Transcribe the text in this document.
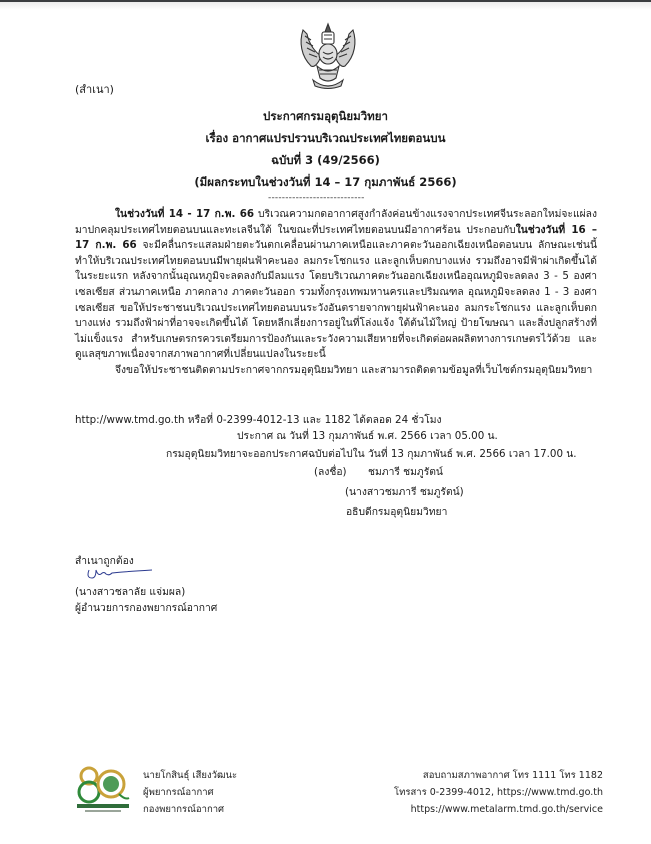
(สำเนา)
ประกาศกรมอุตุนิยมวิทยา
เรื่อง อากาศแปรปรวนบริเวณประเทศไทยตอนบน
ฉบับที่ 3 (49/2566)
(มีผลกระทบในช่วงวันที่ 14 – 17 กุมภาพันธ์ 2566)
----------------------------

ในช่วงวันที่ 14 - 17 ก.พ. 66 บริเวณความกดอากาศสูงกำลังค่อนข้างแรงจากประเทศจีนระลอกใหม่จะแผ่ลงมาปกคลุมประเทศไทยตอนบนและทะเลจีนใต้ ในขณะที่ประเทศไทยตอนบนมีอากาศร้อน ประกอบกับในช่วงวันที่ 16 – 17 ก.พ. 66 จะมีคลื่นกระแสลมฝ่ายตะวันตกเคลื่อนผ่านภาคเหนือและภาคตะวันออกเฉียงเหนือตอนบน ลักษณะเช่นนี้ทำให้บริเวณประเทศไทยตอนบนมีพายุฝนฟ้าคะนอง ลมกระโชกแรง และลูกเห็บตกบางแห่ง รวมถึงอาจมีฟ้าผ่าเกิดขึ้นได้ในระยะแรก หลังจากนั้นอุณหภูมิจะลดลงกับมีลมแรง โดยบริเวณภาคตะวันออกเฉียงเหนืออุณหภูมิจะลดลง 3 - 5 องศาเซลเซียส ส่วนภาคเหนือ ภาคกลาง ภาคตะวันออก รวมทั้งกรุงเทพมหานครและปริมณฑล อุณหภูมิจะลดลง 1 - 3 องศาเซลเซียส ขอให้ประชาชนบริเวณประเทศไทยตอนบนระวังอันตรายจากพายุฝนฟ้าคะนอง ลมกระโชกแรง และลูกเห็บตกบางแห่ง รวมถึงฟ้าผ่าที่อาจจะเกิดขึ้นได้ โดยหลีกเลี่ยงการอยู่ในที่โล่งแจ้ง ใต้ต้นไม้ใหญ่ ป้ายโฆษณา และสิ่งปลูกสร้างที่ไม่แข็งแรง สำหรับเกษตรกรควรเตรียมการป้องกันและระวังความเสียหายที่จะเกิดต่อผลผลิตทางการเกษตรไว้ด้วย และดูแลสุขภาพเนื่องจากสภาพอากาศที่เปลี่ยนแปลงในระยะนี้

จึงขอให้ประชาชนติดตามประกาศจากกรมอุตุนิยมวิทยา และสามารถติดตามข้อมูลที่เว็บไซต์กรมอุตุนิยมวิทยา

http://www.tmd.go.th หรือที่ 0-2399-4012-13 และ 1182 ได้ตลอด 24 ชั่วโมง
ประกาศ ณ วันที่ 13 กุมภาพันธ์ พ.ศ. 2566 เวลา 05.00 น.
กรมอุตุนิยมวิทยาจะออกประกาศฉบับต่อไปใน วันที่ 13 กุมภาพันธ์ พ.ศ. 2566 เวลา 17.00 น.
(ลงชื่อ) ชมภารี ชมภูรัตน์
(นางสาวชมภารี ชมภูรัตน์)
อธิบดีกรมอุตุนิยมวิทยา
สำเนาถูกต้อง
(นางสาวชลาลัย แจ่มผล)
ผู้อำนวยการกองพยากรณ์อากาศ
นายโกสินธุ์ เสียงวัฒนะ
ผู้พยากรณ์อากาศ
กองพยากรณ์อากาศ
สอบถามสภาพอากาศ โทร 1111 โทร 1182
โทรสาร 0-2399-4012, https://www.tmd.go.th
https://www.metalarm.tmd.go.th/service
